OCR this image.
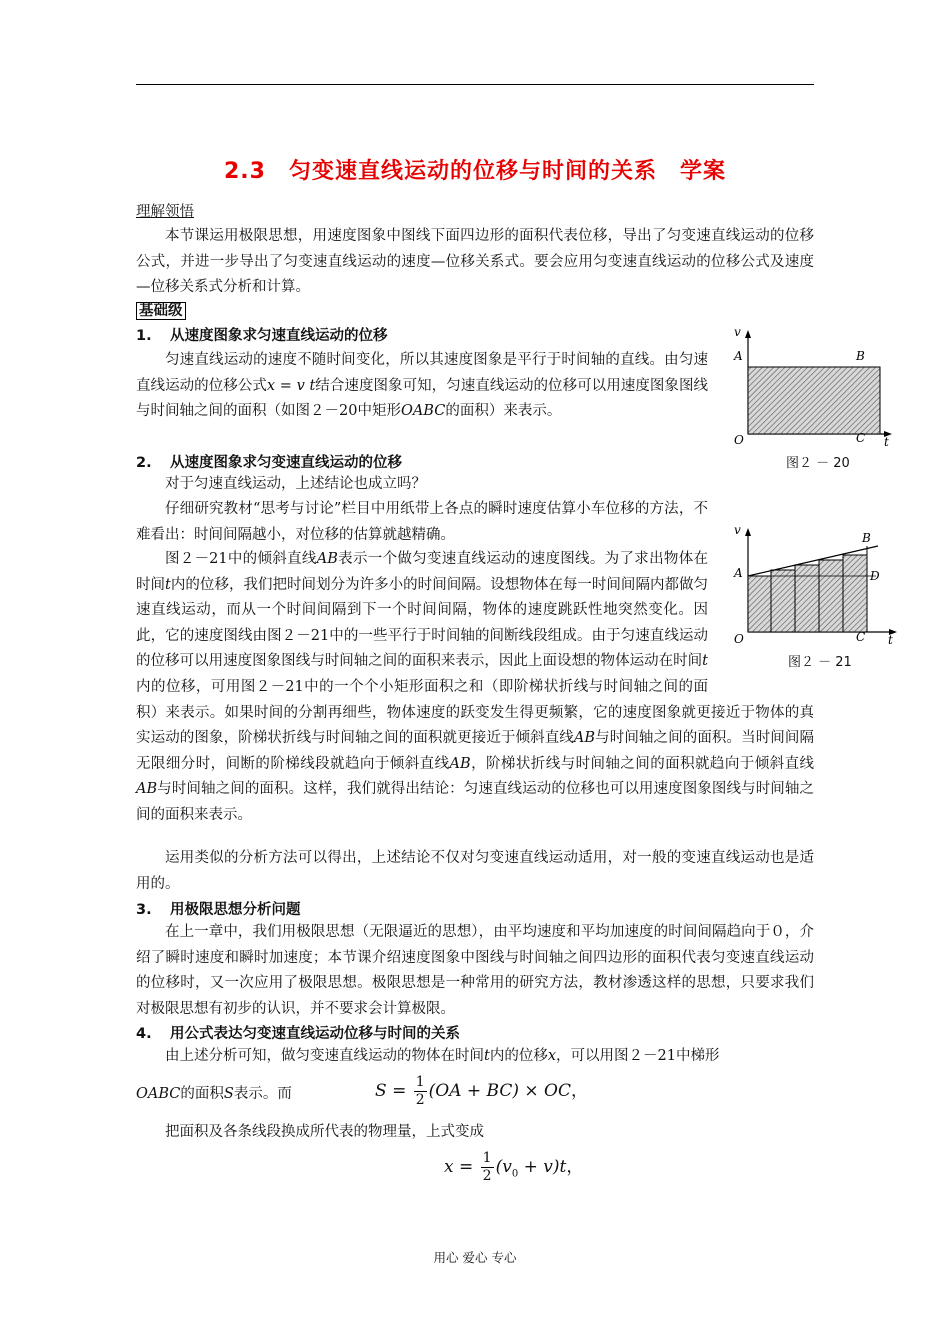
2.3　匀变速直线运动的位移与时间的关系　学案
理解领悟
本节课运用极限思想，用速度图象中图线下面四边形的面积代表位移，导出了匀变速直线运动的位移公式，并进一步导出了匀变速直线运动的速度—位移关系式。要会应用匀变速直线运动的位移公式及速度—位移关系式分析和计算。
基础级
1. 从速度图象求匀速直线运动的位移
匀速直线运动的速度不随时间变化，所以其速度图象是平行于时间轴的直线。由匀速直线运动的位移公式x = v t结合速度图象可知，匀速直线运动的位移可以用速度图象图线与时间轴之间的面积（如图２－20中矩形OABC的面积）来表示。
v
A	B
O	C t
图２ － 20
2. 从速度图象求匀变速直线运动的位移
对于匀速直线运动，上述结论也成立吗？
仔细研究教材“思考与讨论”栏目中用纸带上各点的瞬时速度估算小车位移的方法，不难看出：时间间隔越小，对位移的估算就越精确。	v
A
B
D
O	C t
图２ － 21
图２－21中的倾斜直线AB表示一个做匀变速直线运动的速度图线。为了求出物体在时间t内的位移，我们把时间划分为许多小的时间间隔。设想物体在每一时间间隔内都做匀速直线运动，而从一个时间间隔到下一个时间间隔，物体的速度跳跃性地突然变化。因此，它的速度图线由图２－21中的一些平行于时间轴的间断线段组成。由于匀速直线运动的位移可以用速度图象图线与时间轴之间的面积来表示，因此上面设想的物体运动在时间t内的位移，可用图２－21中的一个个小矩形面积之和（即阶梯状折线与时间轴之间的面积）来表示。如果时间的分割再细些，物体速度的跃变发生得更频繁，它的速度图象就更接近于物体的真实运动的图象，阶梯状折线与时间轴之间的面积就更接近于倾斜直线AB与时间轴之间的面积。当时间间隔无限细分时，间断的阶梯线段就趋向于倾斜直线AB，阶梯状折线与时间轴之间的面积就趋向于倾斜直线AB与时间轴之间的面积。这样，我们就得出结论：匀速直线运动的位移也可以用速度图象图线与时间轴之间的面积来表示。
运用类似的分析方法可以得出，上述结论不仅对匀变速直线运动适用，对一般的变速直线运动也是适用的。
3. 用极限思想分析问题
在上一章中，我们用极限思想（无限逼近的思想），由平均速度和平均加速度的时间间隔趋向于０，介绍了瞬时速度和瞬时加速度；本节课介绍速度图象中图线与时间轴之间四边形的面积代表匀变速直线运动的位移时，又一次应用了极限思想。极限思想是一种常用的研究方法，教材渗透这样的思想，只要求我们对极限思想有初步的认识，并不要求会计算极限。
4. 用公式表达匀变速直线运动位移与时间的关系
由上述分析可知，做匀变速直线运动的物体在时间t内的位移x，可以用图２－21中梯形
OABC的面积S表示。而	$S = \frac{1}{2} (OA + BC)$ × OC，
把面积及各条线段换成所代表的物理量，上式变成
$x = \frac{1}{2} (v_0 + v)t$，
用心 爱心 专心
